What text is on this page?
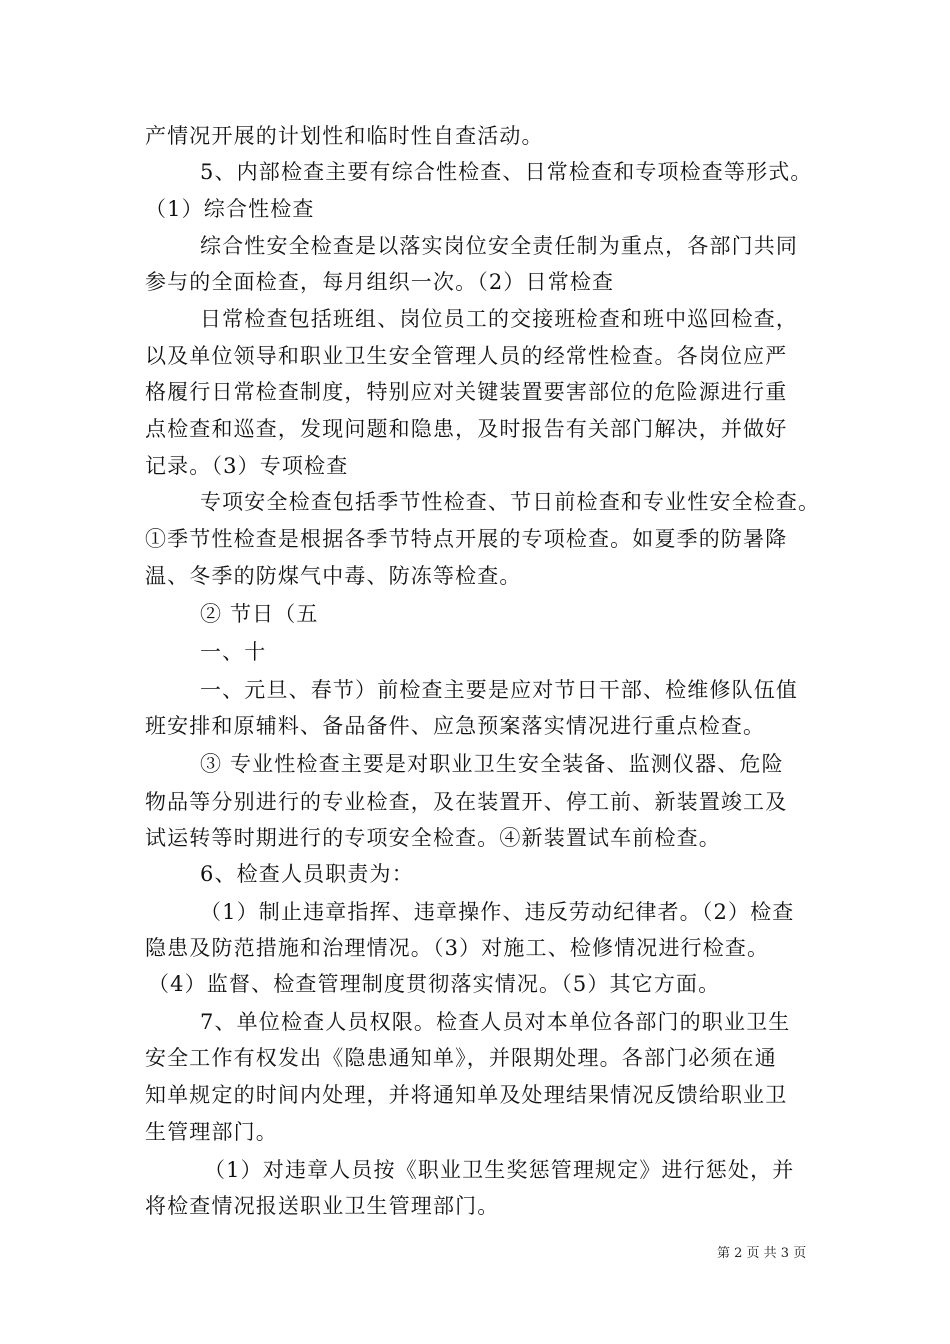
产情况开展的计划性和临时性自查活动。
5、内部检查主要有综合性检查、日常检查和专项检查等形式。
（1）综合性检查
综合性安全检查是以落实岗位安全责任制为重点，各部门共同
参与的全面检查，每月组织一次。（2）日常检查
日常检查包括班组、岗位员工的交接班检查和班中巡回检查，
以及单位领导和职业卫生安全管理人员的经常性检查。各岗位应严
格履行日常检查制度，特别应对关键装置要害部位的危险源进行重
点检查和巡查，发现问题和隐患，及时报告有关部门解决，并做好
记录。（3）专项检查
专项安全检查包括季节性检查、节日前检查和专业性安全检查。
①季节性检查是根据各季节特点开展的专项检查。如夏季的防暑降
温、冬季的防煤气中毒、防冻等检查。
② 节日（五
一、十
一、元旦、春节）前检查主要是应对节日干部、检维修队伍值
班安排和原辅料、备品备件、应急预案落实情况进行重点检查。
③ 专业性检查主要是对职业卫生安全装备、监测仪器、危险
物品等分别进行的专业检查，及在装置开、停工前、新装置竣工及
试运转等时期进行的专项安全检查。④新装置试车前检查。
6、检查人员职责为：
（1）制止违章指挥、违章操作、违反劳动纪律者。（2）检查
隐患及防范措施和治理情况。（3）对施工、检修情况进行检查。
（4）监督、检查管理制度贯彻落实情况。（5）其它方面。
7、单位检查人员权限。检查人员对本单位各部门的职业卫生
安全工作有权发出《隐患通知单》，并限期处理。各部门必须在通
知单规定的时间内处理，并将通知单及处理结果情况反馈给职业卫
生管理部门。
（1）对违章人员按《职业卫生奖惩管理规定》进行惩处，并
将检查情况报送职业卫生管理部门。
第 2 页 共 3 页
